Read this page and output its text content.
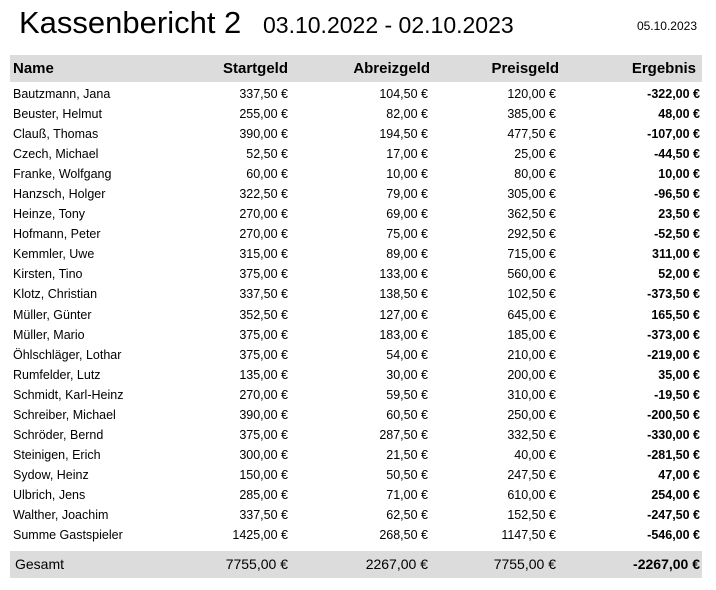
Kassenbericht 2 03.10.2022 - 02.10.2023	05.10.2023
Name	Startgeld	Abreizgeld	Preisgeld	Ergebnis
Bautzmann, Jana	337,50 €	104,50 €	120,00 €	-322,00 €
Beuster, Helmut	255,00 €	82,00 €	385,00 €	48,00 €
Clauß, Thomas	390,00 €	194,50 €	477,50 €	-107,00 €
Czech, Michael	52,50 €	17,00 €	25,00 €	-44,50 €
Franke, Wolfgang	60,00 €	10,00 €	80,00 €	10,00 €
Hanzsch, Holger	322,50 €	79,00 €	305,00 €	-96,50 €
Heinze, Tony	270,00 €	69,00 €	362,50 €	23,50 €
Hofmann, Peter	270,00 €	75,00 €	292,50 €	-52,50 €
Kemmler, Uwe	315,00 €	89,00 €	715,00 €	311,00 €
Kirsten, Tino	375,00 €	133,00 €	560,00 €	52,00 €
Klotz, Christian	337,50 €	138,50 €	102,50 €	-373,50 €
Müller, Günter	352,50 €	127,00 €	645,00 €	165,50 €
Müller, Mario	375,00 €	183,00 €	185,00 €	-373,00 €
Öhlschläger, Lothar	375,00 €	54,00 €	210,00 €	-219,00 €
Rumfelder, Lutz	135,00 €	30,00 €	200,00 €	35,00 €
Schmidt, Karl-Heinz	270,00 €	59,50 €	310,00 €	-19,50 €
Schreiber, Michael	390,00 €	60,50 €	250,00 €	-200,50 €
Schröder, Bernd	375,00 €	287,50 €	332,50 €	-330,00 €
Steinigen, Erich	300,00 €	21,50 €	40,00 €	-281,50 €
Sydow, Heinz	150,00 €	50,50 €	247,50 €	47,00 €
Ulbrich, Jens	285,00 €	71,00 €	610,00 €	254,00 €
Walther, Joachim	337,50 €	62,50 €	152,50 €	-247,50 €
Summe Gastspieler	1425,00 €	268,50 €	1147,50 €	-546,00 €
Gesamt	7755,00 €	2267,00 €	7755,00 €	-2267,00 €
